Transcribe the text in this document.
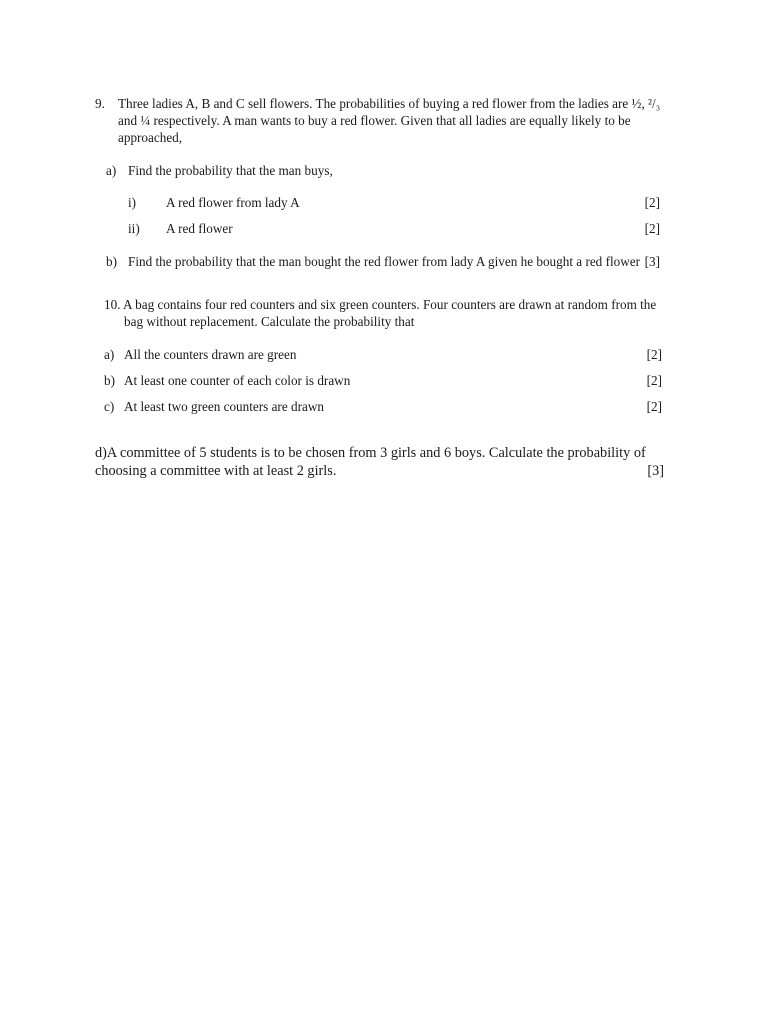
9. Three ladies A, B and C sell flowers. The probabilities of buying a red flower from the ladies are ½, ²/₃
and ¼ respectively. A man wants to buy a red flower. Given that all ladies are equally likely to be
approached,
a) Find the probability that the man buys,
i) A red flower from lady A	[2]
ii) A red flower	[2]
b) Find the probability that the man bought the red flower from lady A given he bought a red flower [3]
10. A bag contains four red counters and six green counters. Four counters are drawn at random from the
bag without replacement. Calculate the probability that
a) All the counters drawn are green	[2]
b) At least one counter of each color is drawn	[2]
c) At least two green counters are drawn	[2]
d)A committee of 5 students is to be chosen from 3 girls and 6 boys. Calculate the probability of
choosing a committee with at least 2 girls.	[3]
